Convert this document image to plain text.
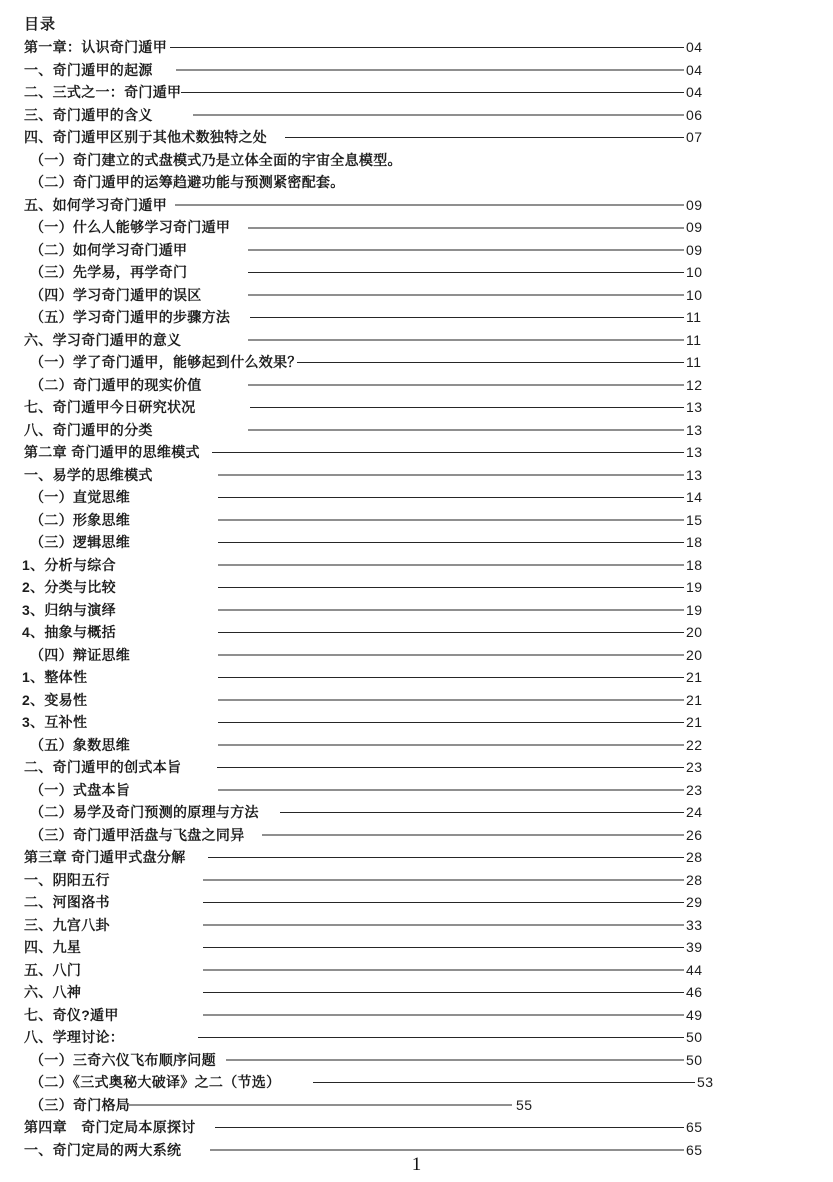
目录
第一章：认识奇门遁甲	04
一、奇门遁甲的起源	04
二、三式之一：奇门遁甲	04
三、奇门遁甲的含义	06
四、奇门遁甲区别于其他术数独特之处	07
（一）奇门建立的式盘模式乃是立体全面的宇宙全息模型。
（二）奇门遁甲的运筹趋避功能与预测紧密配套。
五、如何学习奇门遁甲	09
（一）什么人能够学习奇门遁甲	09
（二）如何学习奇门遁甲	09
（三）先学易，再学奇门	10
（四）学习奇门遁甲的误区	10
（五）学习奇门遁甲的步骤方法	11
六、学习奇门遁甲的意义	11
（一）学了奇门遁甲，能够起到什么效果？	11
（二）奇门遁甲的现实价值	12
七、奇门遁甲今日研究状况	13
八、奇门遁甲的分类	13
第二章 奇门遁甲的思维模式	13
一、易学的思维模式	13
（一）直觉思维	14
（二）形象思维	15
（三）逻辑思维	18
1、分析与综合	18
2、分类与比较	19
3、归纳与演绎	19
4、抽象与概括	20
（四）辩证思维	20
1、整体性	21
2、变易性	21
3、互补性	21
（五）象数思维	22
二、奇门遁甲的创式本旨	23
（一）式盘本旨	23
（二）易学及奇门预测的原理与方法	24
（三）奇门遁甲活盘与飞盘之同异	26
第三章 奇门遁甲式盘分解	28
一、阴阳五行	28
二、河图洛书	29
三、九宫八卦	33
四、九星	39
五、八门	44
六、八神	46
七、奇仪?遁甲	49
八、学理讨论：	50
（一）三奇六仪飞布顺序问题	50
（二）《三式奥秘大破译》之二（节选）	53
（三）奇门格局	55
第四章　奇门定局本原探讨	65
一、奇门定局的两大系统	65
1
